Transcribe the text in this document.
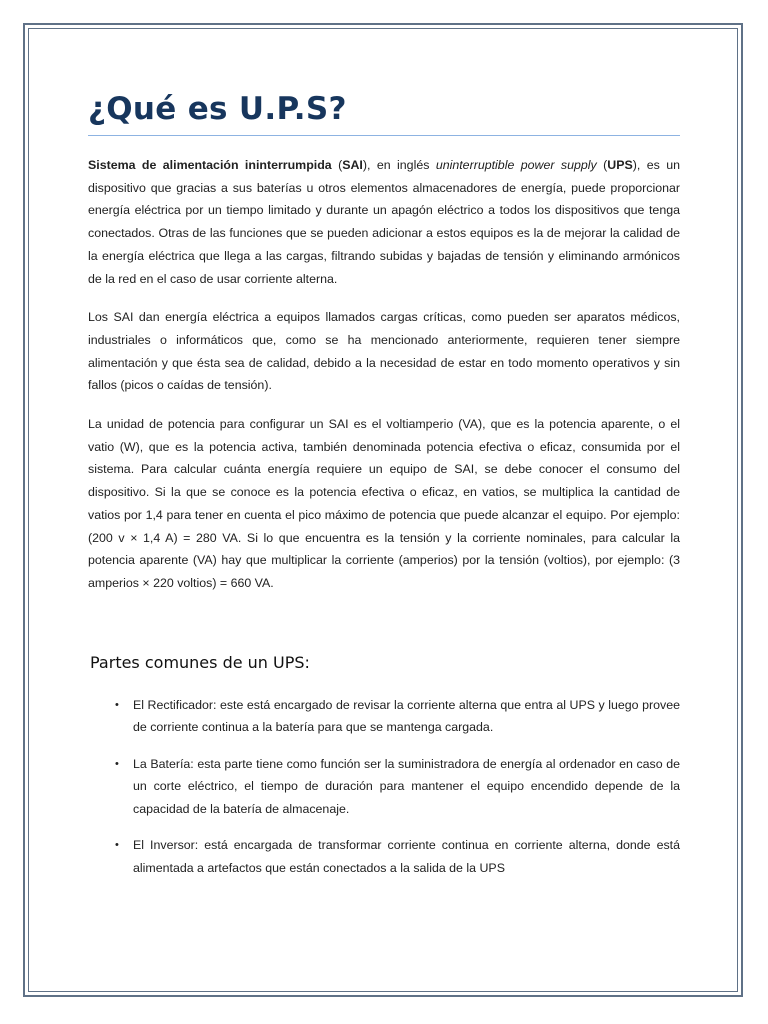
¿Qué es U.P.S?

Sistema de alimentación ininterrumpida (SAI), en inglés uninterruptible power supply (UPS), es un dispositivo que gracias a sus baterías u otros elementos almacenadores de energía, puede proporcionar energía eléctrica por un tiempo limitado y durante un apagón eléctrico a todos los dispositivos que tenga conectados. Otras de las funciones que se pueden adicionar a estos equipos es la de mejorar la calidad de la energía eléctrica que llega a las cargas, filtrando subidas y bajadas de tensión y eliminando armónicos de la red en el caso de usar corriente alterna.

Los SAI dan energía eléctrica a equipos llamados cargas críticas, como pueden ser aparatos médicos, industriales o informáticos que, como se ha mencionado anteriormente, requieren tener siempre alimentación y que ésta sea de calidad, debido a la necesidad de estar en todo momento operativos y sin fallos (picos o caídas de tensión).

La unidad de potencia para configurar un SAI es el voltiamperio (VA), que es la potencia aparente, o el vatio (W), que es la potencia activa, también denominada potencia efectiva o eficaz, consumida por el sistema. Para calcular cuánta energía requiere un equipo de SAI, se debe conocer el consumo del dispositivo. Si la que se conoce es la potencia efectiva o eficaz, en vatios, se multiplica la cantidad de vatios por 1,4 para tener en cuenta el pico máximo de potencia que puede alcanzar el equipo. Por ejemplo: (200 v × 1,4 A) = 280 VA. Si lo que encuentra es la tensión y la corriente nominales, para calcular la potencia aparente (VA) hay que multiplicar la corriente (amperios) por la tensión (voltios), por ejemplo: (3 amperios × 220 voltios) = 660 VA.

Partes comunes de un UPS:
• El Rectificador: este está encargado de revisar la corriente alterna que entra al UPS y luego provee de corriente continua a la batería para que se mantenga cargada.
• La Batería: esta parte tiene como función ser la suministradora de energía al ordenador en caso de un corte eléctrico, el tiempo de duración para mantener el equipo encendido depende de la capacidad de la batería de almacenaje.
• El Inversor: está encargada de transformar corriente continua en corriente alterna, donde está alimentada a artefactos que están conectados a la salida de la UPS
